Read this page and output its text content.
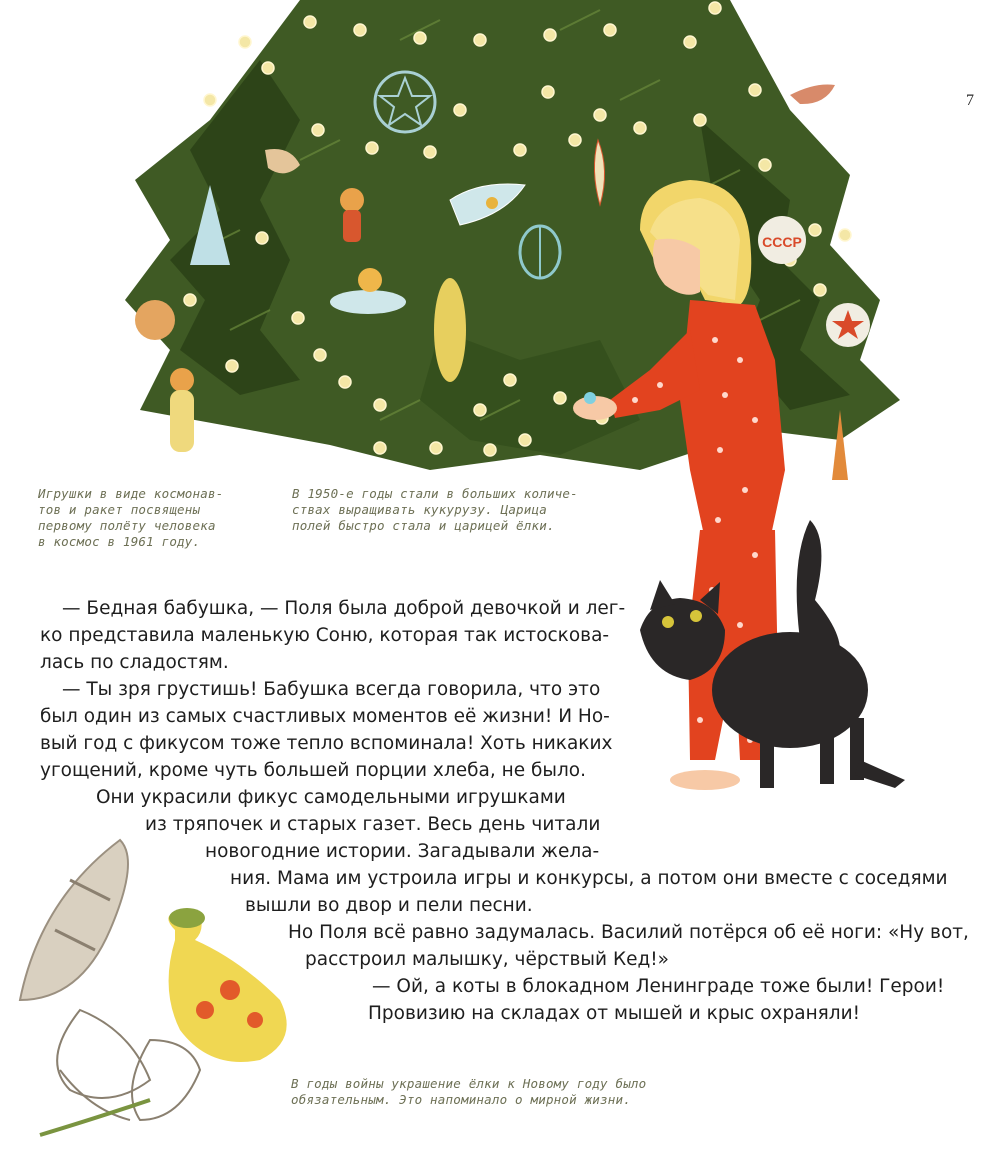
CCCP
7
Игрушки в виде космонав-
тов и ракет посвящены
первому полёту человека
в космос в 1961 году.
В 1950-е годы стали в больших количе-
ствах выращивать кукурузу. Царица
полей быстро стала и царицей ёлки.
В годы войны украшение ёлки к Новому году было
обязательным. Это напоминало о мирной жизни.
— Бедная бабушка, — Поля была доброй девочкой и лег-
ко представила маленькую Соню, которая так истосковa-
лась по сладостям.
— Ты зря грустишь! Бабушка всегда говорила, что это
был один из самых счастливых моментов её жизни! И Но-
вый год с фикусом тоже тепло вспоминала! Хоть никаких
угощений, кроме чуть большей порции хлеба, не было.
Они украсили фикус самодельными игрушками
из тряпочек и старых газет. Весь день читали
новогодние истории. Загадывали жела-
ния. Мама им устроила игры и конкурсы, а потом они вместе с соседями
вышли во двор и пели песни.
Но Поля всё равно задумалась. Василий потёрся об её ноги: «Ну вот,
расстроил малышку, чёрствый Кед!»
— Ой, а коты в блокадном Ленинграде тоже были! Герои!
Провизию на складах от мышей и крыс охраняли!
